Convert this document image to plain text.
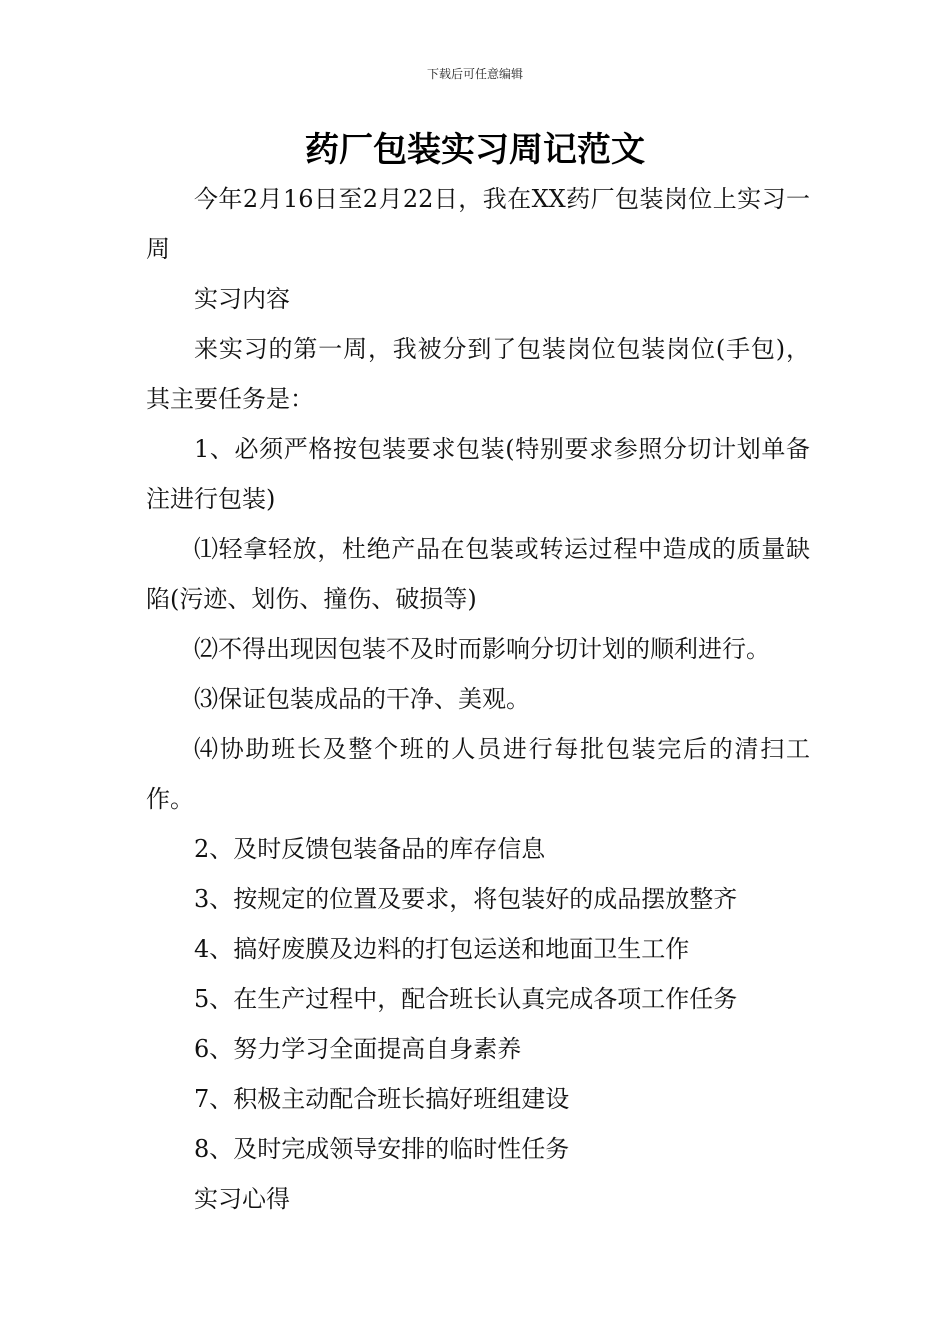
下载后可任意编辑
药厂包装实习周记范文

今年2月16日至2月22日，我在XX药厂包装岗位上实习一周

实习内容

来实习的第一周，我被分到了包装岗位包装岗位(手包)，其主要任务是：

1、必须严格按包装要求包装(特别要求参照分切计划单备注进行包装)

⑴轻拿轻放，杜绝产品在包装或转运过程中造成的质量缺陷(污迹、划伤、撞伤、破损等)

⑵不得出现因包装不及时而影响分切计划的顺利进行。

⑶保证包装成品的干净、美观。

⑷协助班长及整个班的人员进行每批包装完后的清扫工作。

2、及时反馈包装备品的库存信息

3、按规定的位置及要求，将包装好的成品摆放整齐

4、搞好废膜及边料的打包运送和地面卫生工作

5、在生产过程中，配合班长认真完成各项工作任务

6、努力学习全面提高自身素养

7、积极主动配合班长搞好班组建设

8、及时完成领导安排的临时性任务

实习心得
